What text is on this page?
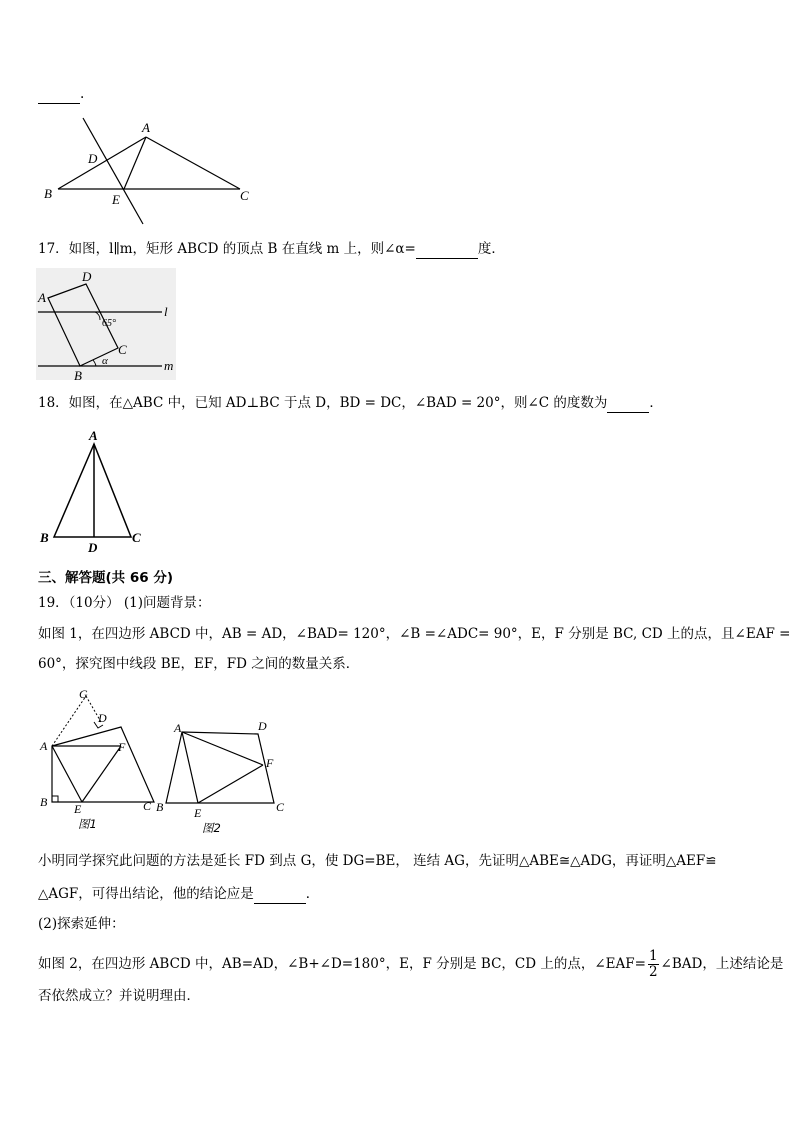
.
A
B	C
D
E
17．如图，l∥m，矩形 ABCD 的顶点 B 在直线 m 上，则∠α=	度．
A
D
C
B
l
m
65°
α
18．如图，在△ABC 中，已知 AD⊥BC 于点 D，BD = DC，∠BAD = 20°，则∠C 的度数为	．
A
B	C
D
三、解答题(共 66 分)
19．（10分） (1)问题背景：
如图 1，在四边形 ABCD 中，AB = AD，∠BAD= 120°，∠B =∠ADC= 90°，E，F 分别是 BC, CD 上的点，且∠EAF =
60°，探究图中线段 BE，EF，FD 之间的数量关系．
A
B	C
D
E
F
G
图1
A
B	C
D
E
F
图2
小明同学探究此问题的方法是延长 FD 到点 G，使 DG=BE， 连结 AG，先证明△ABE≅△ADG，再证明△AEF≌
△AGF，可得出结论，他的结论应是	．
(2)探索延伸：
如图 2，在四边形 ABCD 中，AB=AD，∠B+∠D=180°，E，F 分别是 BC，CD 上的点，∠EAF= $\frac{1}{2}$ ∠BAD，上述结论是
否依然成立？并说明理由．
